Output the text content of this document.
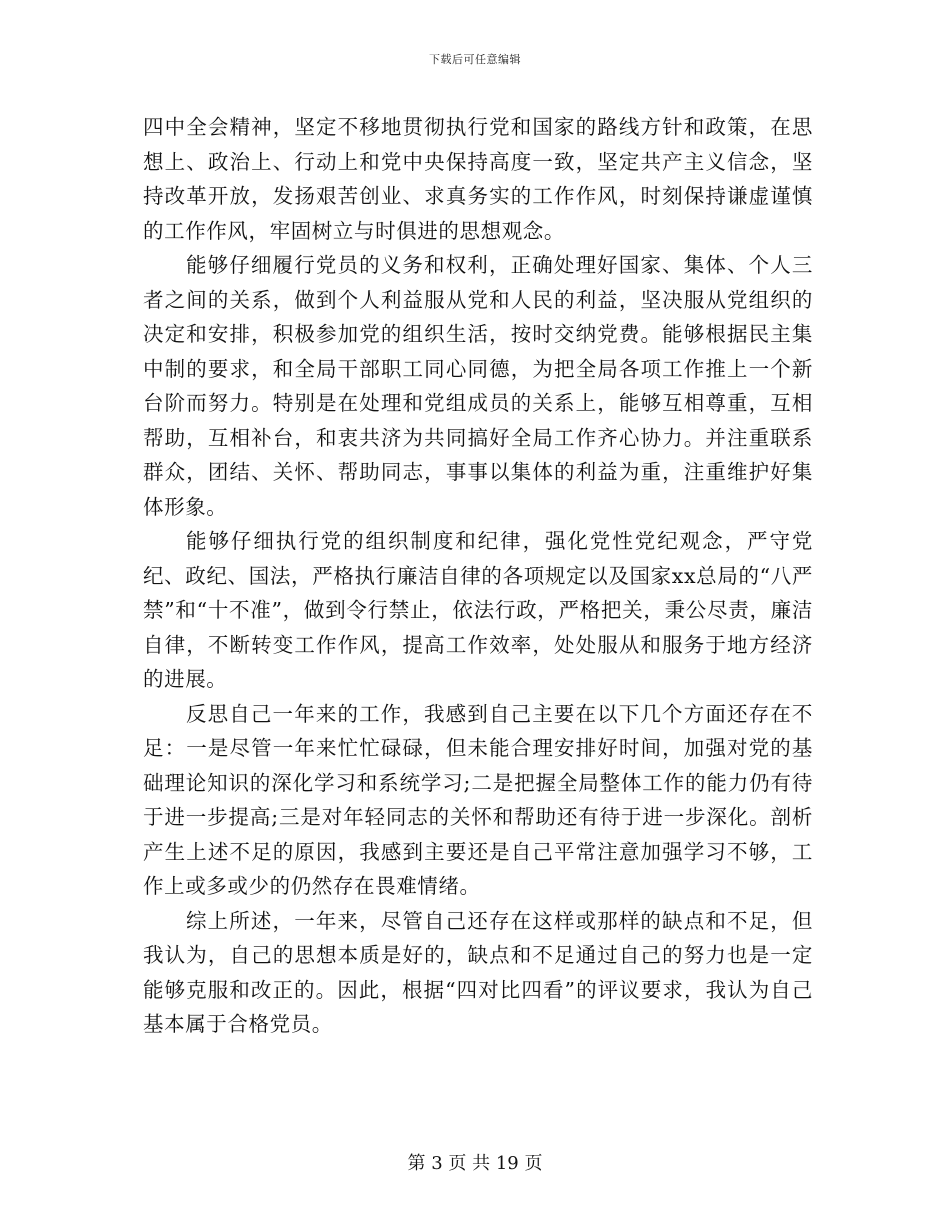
下载后可任意编辑

四中全会精神，坚定不移地贯彻执行党和国家的路线方针和政策，在思想上、政治上、行动上和党中央保持高度一致，坚定共产主义信念，坚持改革开放，发扬艰苦创业、求真务实的工作作风，时刻保持谦虚谨慎的工作作风，牢固树立与时俱进的思想观念。

能够仔细履行党员的义务和权利，正确处理好国家、集体、个人三者之间的关系，做到个人利益服从党和人民的利益，坚决服从党组织的决定和安排，积极参加党的组织生活，按时交纳党费。能够根据民主集中制的要求，和全局干部职工同心同德，为把全局各项工作推上一个新台阶而努力。特别是在处理和党组成员的关系上，能够互相尊重，互相帮助，互相补台，和衷共济为共同搞好全局工作齐心协力。并注重联系群众，团结、关怀、帮助同志，事事以集体的利益为重，注重维护好集体形象。

能够仔细执行党的组织制度和纪律，强化党性党纪观念，严守党纪、政纪、国法，严格执行廉洁自律的各项规定以及国家xx总局的“八严禁”和“十不准”，做到令行禁止，依法行政，严格把关，秉公尽责，廉洁自律，不断转变工作作风，提高工作效率，处处服从和服务于地方经济的进展。

反思自己一年来的工作，我感到自己主要在以下几个方面还存在不足：一是尽管一年来忙忙碌碌，但未能合理安排好时间，加强对党的基础理论知识的深化学习和系统学习;二是把握全局整体工作的能力仍有待于进一步提高;三是对年轻同志的关怀和帮助还有待于进一步深化。剖析产生上述不足的原因，我感到主要还是自己平常注意加强学习不够，工作上或多或少的仍然存在畏难情绪。

综上所述，一年来，尽管自己还存在这样或那样的缺点和不足，但我认为，自己的思想本质是好的，缺点和不足通过自己的努力也是一定能够克服和改正的。因此，根据“四对比四看”的评议要求，我认为自己基本属于合格党员。

第 3 页 共 19 页
